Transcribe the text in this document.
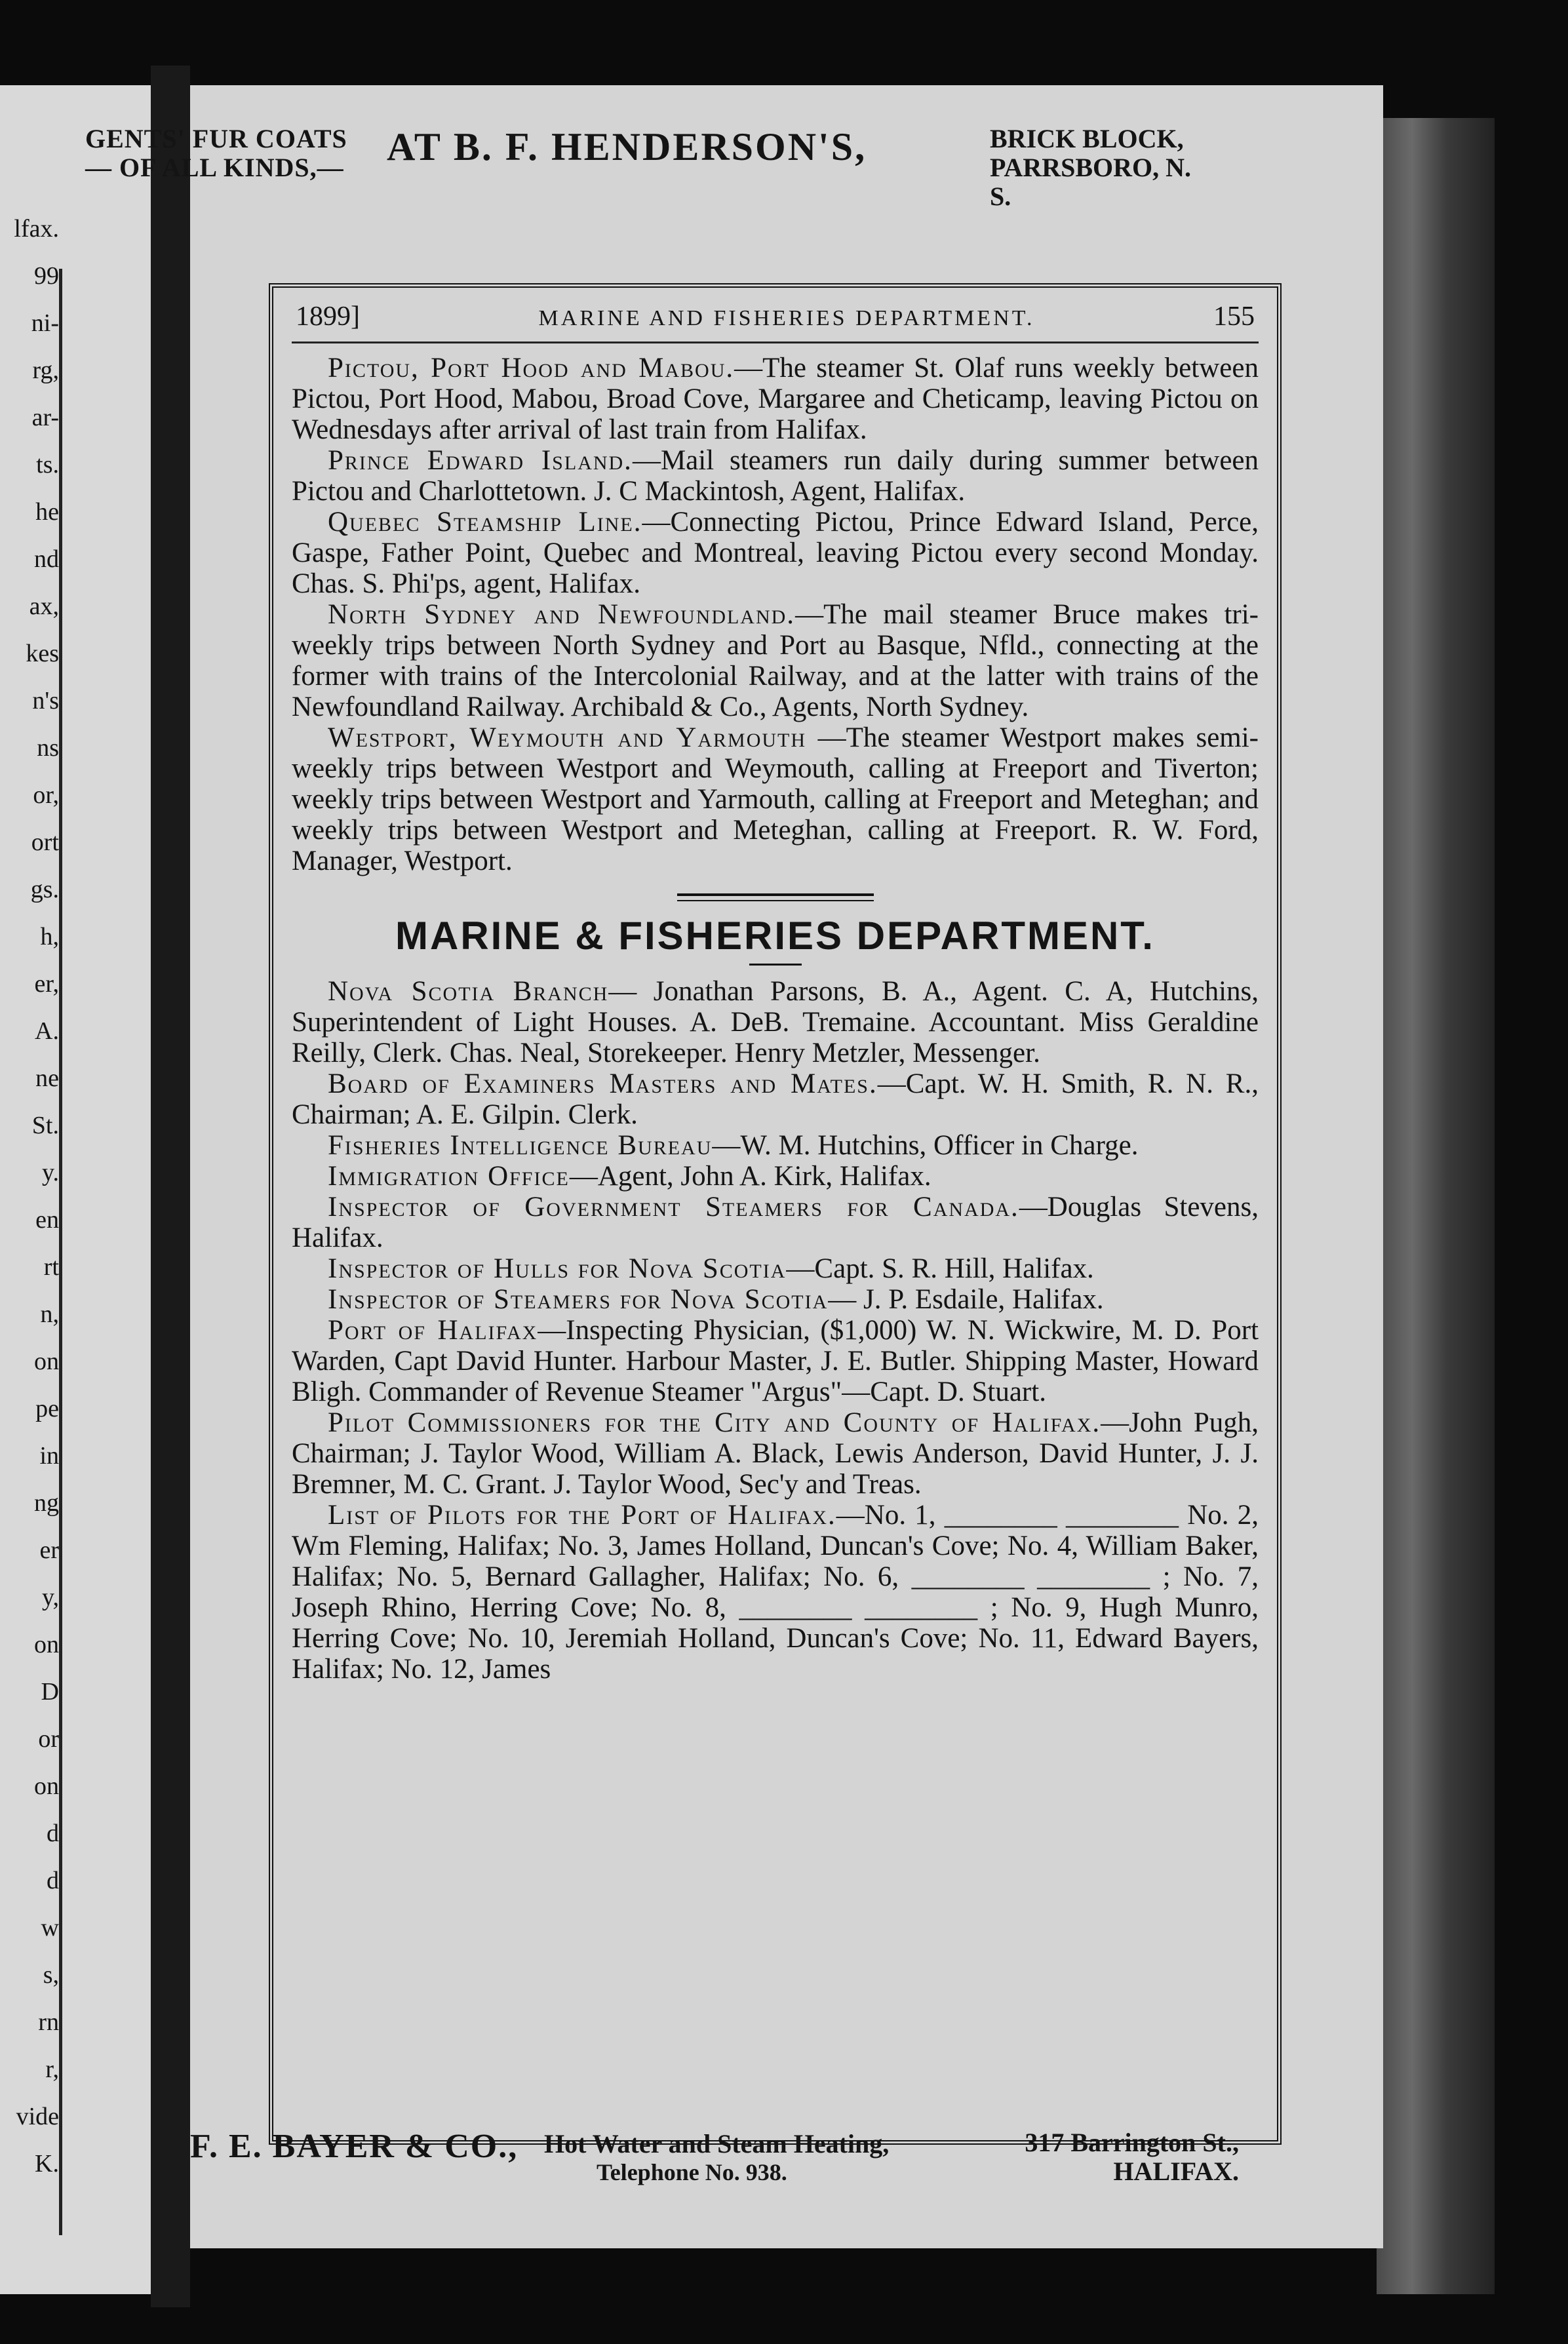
lfax.
99
ni-
rg,
ar-
ts.
he
nd
ax,
kes
n's
ns
or,
ort
gs.
h,
er,
A.
ne
St.
y.
en
rt
n,
on
pe
in
ng
er
y,
on
D
or
on
d
d
w
s,
rn
r,
vide
K.
GENTS' FUR COATS — OF ALL KINDS,—	AT B. F. HENDERSON'S,	BRICK BLOCK, PARRSBORO, N. S.
1899]	MARINE AND FISHERIES DEPARTMENT.	155

Pictou, Port Hood and Mabou.—The steamer St. Olaf runs weekly between Pictou, Port Hood, Mabou, Broad Cove, Margaree and Cheticamp, leaving Pictou on Wednesdays after arrival of last train from Halifax.

Prince Edward Island.—Mail steamers run daily during summer between Pictou and Charlottetown. J. C Mackintosh, Agent, Halifax.

Quebec Steamship Line.—Connecting Pictou, Prince Edward Island, Perce, Gaspe, Father Point, Quebec and Montreal, leaving Pictou every second Monday. Chas. S. Phi'ps, agent, Halifax.

North Sydney and Newfoundland.—The mail steamer Bruce makes tri-weekly trips between North Sydney and Port au Basque, Nfld., connecting at the former with trains of the Intercolonial Railway, and at the latter with trains of the Newfoundland Railway. Archibald & Co., Agents, North Sydney.

Westport, Weymouth and Yarmouth —The steamer Westport makes semi-weekly trips between Westport and Weymouth, calling at Freeport and Tiverton; weekly trips between Westport and Yarmouth, calling at Freeport and Meteghan; and weekly trips between Westport and Meteghan, calling at Freeport. R. W. Ford, Manager, Westport.

MARINE & FISHERIES DEPARTMENT.

Nova Scotia Branch— Jonathan Parsons, B. A., Agent. C. A, Hutchins, Superintendent of Light Houses. A. DeB. Tremaine. Accountant. Miss Geraldine Reilly, Clerk. Chas. Neal, Storekeeper. Henry Metzler, Messenger.

Board of Examiners Masters and Mates.—Capt. W. H. Smith, R. N. R., Chairman; A. E. Gilpin. Clerk.

Fisheries Intelligence Bureau—W. M. Hutchins, Officer in Charge.

Immigration Office—Agent, John A. Kirk, Halifax.

Inspector of Government Steamers for Canada.—Douglas Stevens, Halifax.

Inspector of Hulls for Nova Scotia—Capt. S. R. Hill, Halifax.

Inspector of Steamers for Nova Scotia— J. P. Esdaile, Halifax.

Port of Halifax—Inspecting Physician, ($1,000) W. N. Wickwire, M. D. Port Warden, Capt David Hunter. Harbour Master, J. E. Butler. Shipping Master, Howard Bligh. Commander of Revenue Steamer "Argus"—Capt. D. Stuart.

Pilot Commissioners for the City and County of Halifax.—John Pugh, Chairman; J. Taylor Wood, William A. Black, Lewis Anderson, David Hunter, J. J. Bremner, M. C. Grant. J. Taylor Wood, Sec'y and Treas.

List of Pilots for the Port of Halifax.—No. 1, ________ ________ No. 2, Wm Fleming, Halifax; No. 3, James Holland, Duncan's Cove; No. 4, William Baker, Halifax; No. 5, Bernard Gallagher, Halifax; No. 6, ________ ________ ; No. 7, Joseph Rhino, Herring Cove; No. 8, ________ ________ ; No. 9, Hugh Munro, Herring Cove; No. 10, Jeremiah Holland, Duncan's Cove; No. 11, Edward Bayers, Halifax; No. 12, James

F. E. BAYER & CO., Hot Water and Steam Heating,
Telephone No. 938.
317 Barrington St.,
HALIFAX.
